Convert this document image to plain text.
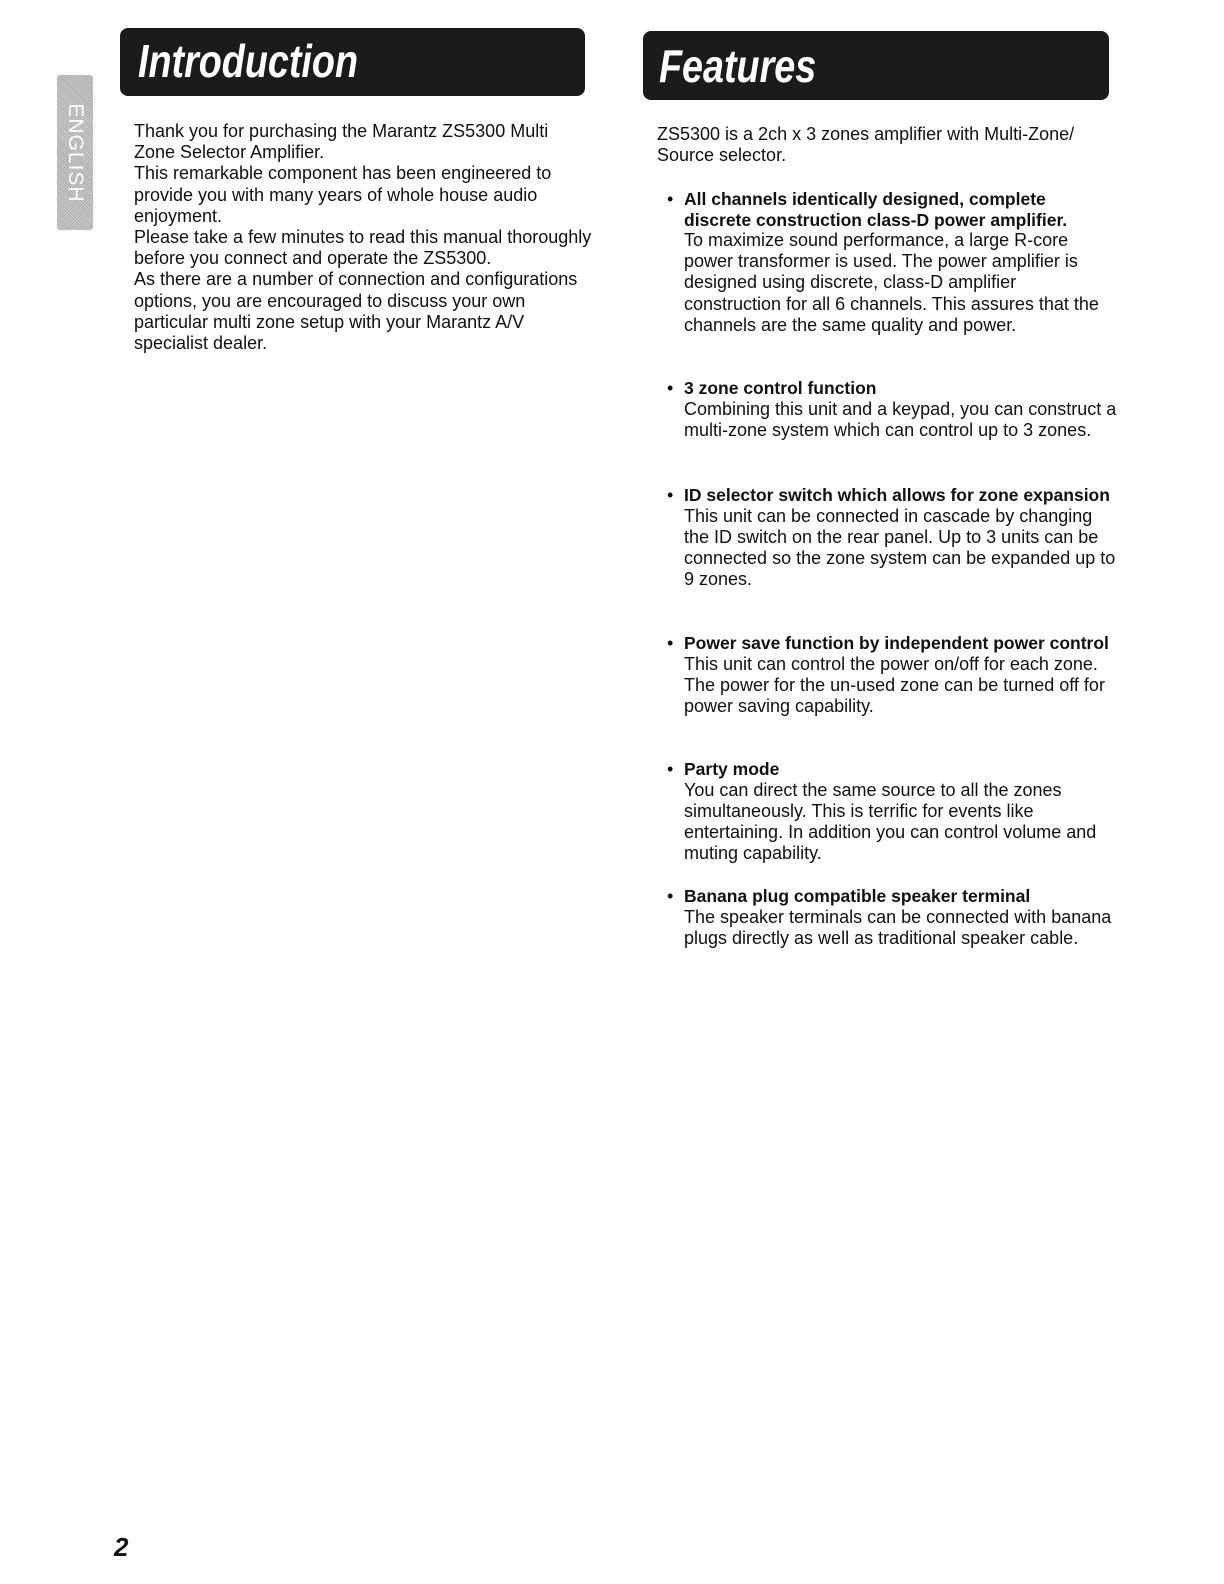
ENGLISH
Introduction

Thank you for purchasing the Marantz ZS5300 Multi Zone Selector Amplifier.

This remarkable component has been engineered to provide you with many years of whole house audio enjoyment.

Please take a few minutes to read this manual thoroughly before you connect and operate the ZS5300.

As there are a number of connection and configurations options, you are encouraged to discuss your own particular multi zone setup with your Marantz A/V specialist dealer.

Features

ZS5300 is a 2ch x 3 zones amplifier with Multi-Zone/ Source selector.

• All channels identically designed, complete discrete construction class-D power amplifier.
To maximize sound performance, a large R-core power transformer is used. The power amplifier is designed using discrete, class-D amplifier construction for all 6 channels. This assures that the channels are the same quality and power.
• 3 zone control function
Combining this unit and a keypad, you can construct a multi-zone system which can control up to 3 zones.
• ID selector switch which allows for zone expansion
This unit can be connected in cascade by changing the ID switch on the rear panel. Up to 3 units can be connected so the zone system can be expanded up to 9 zones.
• Power save function by independent power control
This unit can control the power on/off for each zone. The power for the un-used zone can be turned off for power saving capability.
• Party mode
You can direct the same source to all the zones simultaneously. This is terrific for events like entertaining. In addition you can control volume and muting capability.
• Banana plug compatible speaker terminal
The speaker terminals can be connected with banana plugs directly as well as traditional speaker cable.
2
